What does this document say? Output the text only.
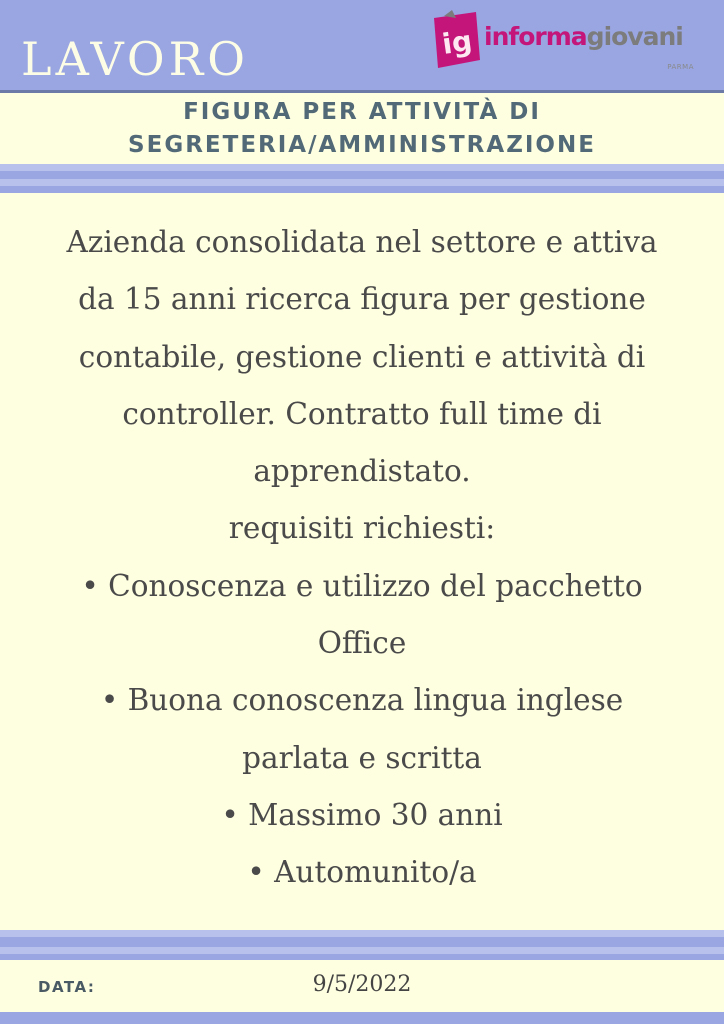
LAVORO	ig informagiovani
PARMA
FIGURA PER ATTIVITÀ DI
SEGRETERIA/AMMINISTRAZIONE

Azienda consolidata nel settore e attiva

da 15 anni ricerca figura per gestione

contabile, gestione clienti e attività di

controller. Contratto full time di

apprendistato.

requisiti richiesti:

• Conoscenza e utilizzo del pacchetto

Office

• Buona conoscenza lingua inglese

parlata e scritta

• Massimo 30 anni

• Automunito/a

DATA:	9/5/2022
